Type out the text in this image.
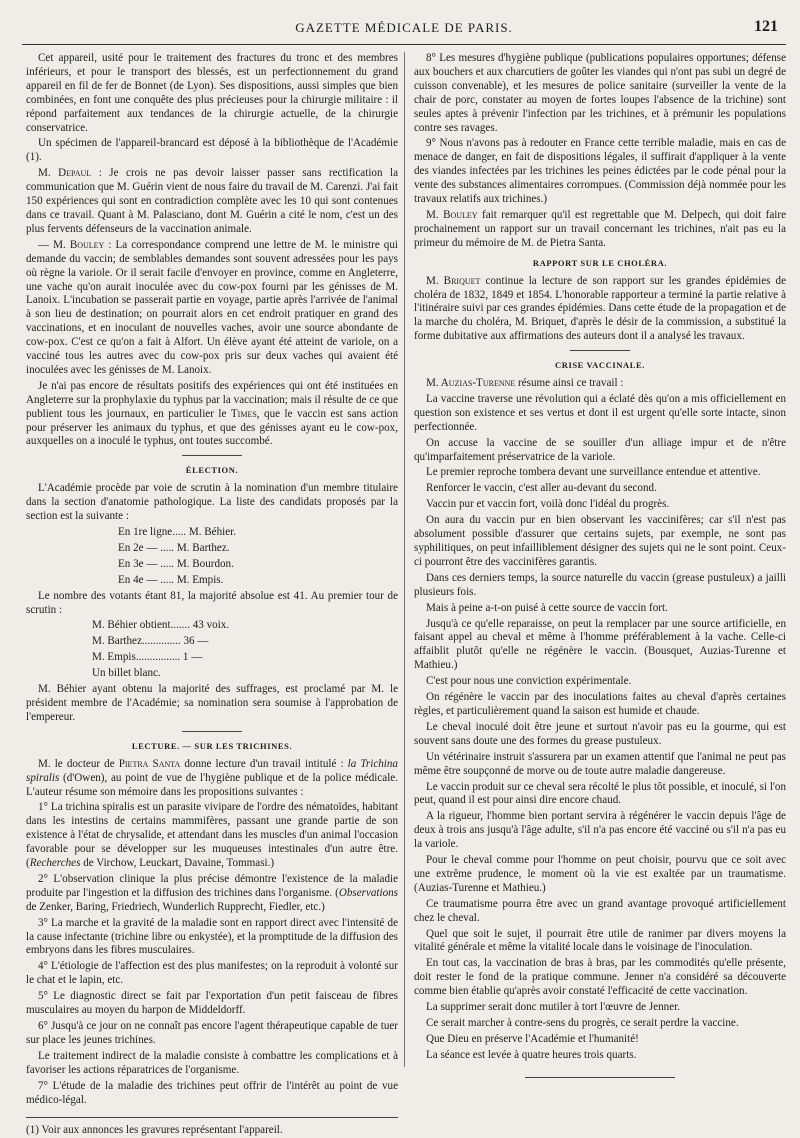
GAZETTE MÉDICALE DE PARIS.	121

Cet appareil, usité pour le traitement des fractures du tronc et des membres inférieurs, et pour le transport des blessés, est un perfectionnement du grand appareil en fil de fer de Bonnet (de Lyon). Ses dispositions, aussi simples que bien combinées, en font une conquête des plus précieuses pour la chirurgie militaire : il répond parfaitement aux tendances de la chirurgie actuelle, de la chirurgie conservatrice.

Un spécimen de l'appareil-brancard est déposé à la bibliothèque de l'Académie (1).

M. Depaul : Je crois ne pas devoir laisser passer sans rectification la communication que M. Guérin vient de nous faire du travail de M. Carenzi. J'ai fait 150 expériences qui sont en contradiction complète avec les 10 qui sont contenues dans ce travail. Quant à M. Palasciano, dont M. Guérin a cité le nom, c'est un des plus fervents défenseurs de la vaccination animale.

— M. Bouley : La correspondance comprend une lettre de M. le ministre qui demande du vaccin; de semblables demandes sont souvent adressées pour les pays où règne la variole. Or il serait facile d'envoyer en province, comme en Angleterre, une vache qu'on aurait inoculée avec du cow-pox fourni par les génisses de M. Lanoix. L'incubation se passerait partie en voyage, partie après l'arrivée de l'animal à son lieu de destination; on pourrait alors en cet endroit pratiquer en grand des vaccinations, et en inoculant de nouvelles vaches, avoir une source abondante de cow-pox. C'est ce qu'on a fait à Alfort. Un élève ayant été atteint de variole, on a vacciné tous les autres avec du cow-pox pris sur deux vaches qui avaient été inoculées avec les génisses de M. Lanoix.

Je n'ai pas encore de résultats positifs des expériences qui ont été instituées en Angleterre sur la prophylaxie du typhus par la vaccination; mais il résulte de ce que publient tous les journaux, en particulier le Times, que le vaccin est sans action pour préserver les animaux du typhus, et que des génisses ayant eu le cow-pox, auxquelles on a inoculé le typhus, ont toutes succombé.

ÉLECTION.

L'Académie procède par voie de scrutin à la nomination d'un membre titulaire dans la section d'anatomie pathologique. La liste des candidats proposés par la section est la suivante :

En 1re ligne..... M. Béhier.

En 2e — ..... M. Barthez.

En 3e — ..... M. Bourdon.

En 4e — ..... M. Empis.

Le nombre des votants étant 81, la majorité absolue est 41. Au premier tour de scrutin :

M. Béhier obtient....... 43 voix.

M. Barthez.............. 36 —

M. Empis................ 1 —

Un billet blanc.

M. Béhier ayant obtenu la majorité des suffrages, est proclamé par M. le président membre de l'Académie; sa nomination sera soumise à l'approbation de l'empereur.

LECTURE. — SUR LES TRICHINES.

M. le docteur de Pietra Santa donne lecture d'un travail intitulé : la Trichina spiralis (d'Owen), au point de vue de l'hygiène publique et de la police médicale. L'auteur résume son mémoire dans les propositions suivantes :

1° La trichina spiralis est un parasite vivipare de l'ordre des nématoïdes, habitant dans les intestins de certains mammifères, passant une grande partie de son existence à l'état de chrysalide, et attendant dans les muscles d'un animal l'occasion favorable pour se développer sur les muqueuses intestinales d'un autre être. (Recherches de Virchow, Leuckart, Davaine, Tommasi.)

2° L'observation clinique la plus précise démontre l'existence de la maladie produite par l'ingestion et la diffusion des trichines dans l'organisme. (Observations de Zenker, Baring, Friedriech, Wunderlich Rupprecht, Fiedler, etc.)

3° La marche et la gravité de la maladie sont en rapport direct avec l'intensité de la cause infectante (trichine libre ou enkystée), et la promptitude de la diffusion des embryons dans les fibres musculaires.

4° L'étiologie de l'affection est des plus manifestes; on la reproduit à volonté sur le chat et le lapin, etc.

5° Le diagnostic direct se fait par l'exportation d'un petit faisceau de fibres musculaires au moyen du harpon de Middeldorff.

6° Jusqu'à ce jour on ne connaît pas encore l'agent thérapeutique capable de tuer sur place les jeunes trichines.

Le traitement indirect de la maladie consiste à combattre les complications et à favoriser les actions réparatrices de l'organisme.

7° L'étude de la maladie des trichines peut offrir de l'intérêt au point de vue médico-légal.

(1) Voir aux annonces les gravures représentant l'appareil.

8° Les mesures d'hygiène publique (publications populaires opportunes; défense aux bouchers et aux charcutiers de goûter les viandes qui n'ont pas subi un degré de cuisson convenable), et les mesures de police sanitaire (surveiller la vente de la chair de porc, constater au moyen de fortes loupes l'absence de la trichine) sont seules aptes à prévenir l'infection par les trichines, et à prémunir les populations contre ses ravages.

9° Nous n'avons pas à redouter en France cette terrible maladie, mais en cas de menace de danger, en fait de dispositions légales, il suffirait d'appliquer à la vente des viandes infectées par les trichines les peines édictées par le code pénal pour la vente des substances alimentaires corrompues. (Commission déjà nommée pour les travaux relatifs aux trichines.)

M. Bouley fait remarquer qu'il est regrettable que M. Delpech, qui doit faire prochainement un rapport sur un travail concernant les trichines, n'ait pas eu la primeur du mémoire de M. de Pietra Santa.

RAPPORT SUR LE CHOLÉRA.

M. Briquet continue la lecture de son rapport sur les grandes épidémies de choléra de 1832, 1849 et 1854. L'honorable rapporteur a terminé la partie relative à l'itinéraire suivi par ces grandes épidémies. Dans cette étude de la propagation et de la marche du choléra, M. Briquet, d'après le désir de la commission, a substitué la forme dubitative aux affirmations des auteurs dont il a analysé les travaux.

CRISE VACCINALE.

M. Auzias-Turenne résume ainsi ce travail :

La vaccine traverse une révolution qui a éclaté dès qu'on a mis officiellement en question son existence et ses vertus et dont il est urgent qu'elle sorte intacte, sinon perfectionnée.

On accuse la vaccine de se souiller d'un alliage impur et de n'être qu'imparfaitement préservatrice de la variole.

Le premier reproche tombera devant une surveillance entendue et attentive.

Renforcer le vaccin, c'est aller au-devant du second.

Vaccin pur et vaccin fort, voilà donc l'idéal du progrès.

On aura du vaccin pur en bien observant les vaccinifères; car s'il n'est pas absolument possible d'assurer que certains sujets, par exemple, ne sont pas syphilitiques, on peut infailliblement désigner des sujets qui ne le sont point. Ceux-ci pourront être des vaccinifères garantis.

Dans ces derniers temps, la source naturelle du vaccin (grease pustuleux) a jailli plusieurs fois.

Mais à peine a-t-on puisé à cette source de vaccin fort.

Jusqu'à ce qu'elle reparaisse, on peut la remplacer par une source artificielle, en faisant appel au cheval et même à l'homme préférablement à la vache. Celle-ci affaiblit plutôt qu'elle ne régénère le vaccin. (Bousquet, Auzias-Turenne et Mathieu.)

C'est pour nous une conviction expérimentale.

On régénère le vaccin par des inoculations faites au cheval d'après certaines règles, et particulièrement quand la saison est humide et chaude.

Le cheval inoculé doit être jeune et surtout n'avoir pas eu la gourme, qui est souvent sans doute une des formes du grease pustuleux.

Un vétérinaire instruit s'assurera par un examen attentif que l'animal ne peut pas même être soupçonné de morve ou de toute autre maladie dangereuse.

Le vaccin produit sur ce cheval sera récolté le plus tôt possible, et inoculé, si l'on peut, quand il est pour ainsi dire encore chaud.

A la rigueur, l'homme bien portant servira à régénérer le vaccin depuis l'âge de deux à trois ans jusqu'à l'âge adulte, s'il n'a pas encore été vacciné ou s'il n'a pas eu la variole.

Pour le cheval comme pour l'homme on peut choisir, pourvu que ce soit avec une extrême prudence, le moment où la vie est exaltée par un traumatisme. (Auzias-Turenne et Mathieu.)

Ce traumatisme pourra être avec un grand avantage provoqué artificiellement chez le cheval.

Quel que soit le sujet, il pourrait être utile de ranimer par divers moyens la vitalité générale et même la vitalité locale dans le voisinage de l'inoculation.

En tout cas, la vaccination de bras à bras, par les commodités qu'elle présente, doit rester le fond de la pratique commune. Jenner n'a considéré sa découverte comme bien établie qu'après avoir constaté l'efficacité de cette vaccination.

La supprimer serait donc mutiler à tort l'œuvre de Jenner.

Ce serait marcher à contre-sens du progrès, ce serait perdre la vaccine.

Que Dieu en préserve l'Académie et l'humanité!

La séance est levée à quatre heures trois quarts.
